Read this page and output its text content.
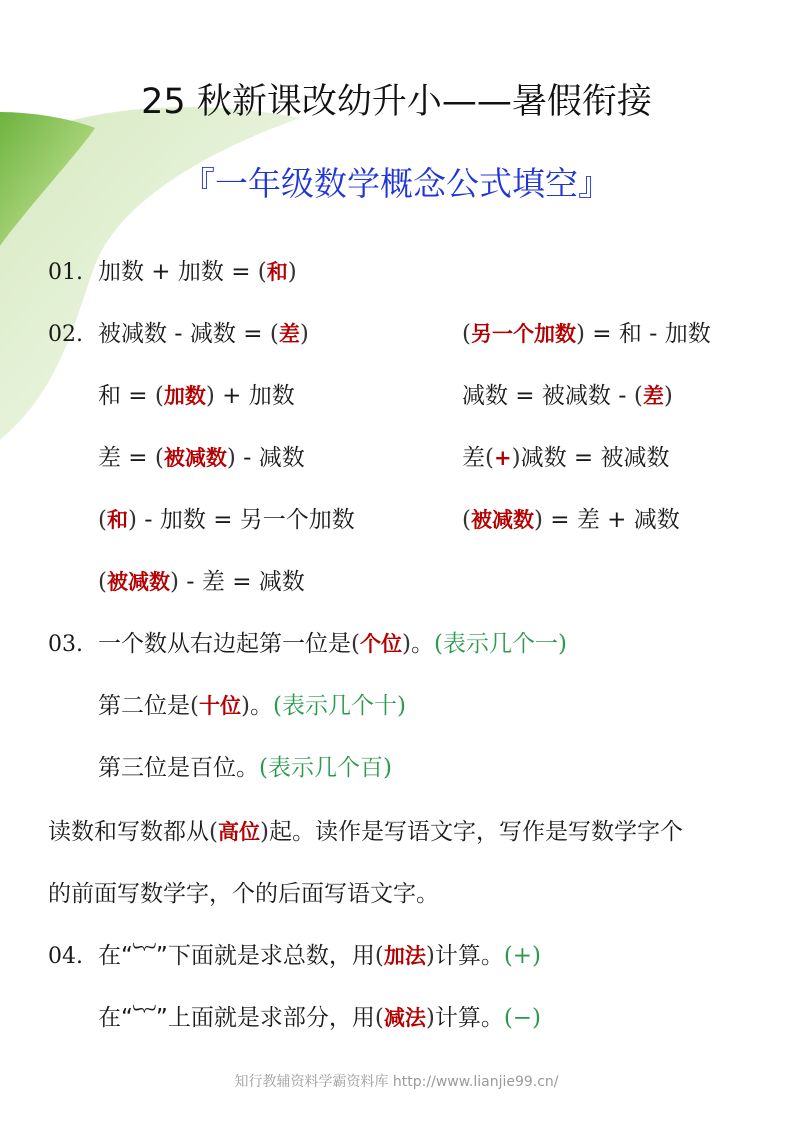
25 秋新课改幼升小——暑假衔接
『一年级数学概念公式填空』
01. 加数 + 加数 = (和)
02. 被减数 - 减数 = (差)	(另一个加数) = 和 - 加数
和 = (加数) + 加数	减数 = 被减数 - (差)
差 = (被减数) - 减数	差(+)减数 = 被减数
(和) - 加数 = 另一个加数	(被减数) = 差 + 减数
(被减数) - 差 = 减数
03. 一个数从右边起第一位是(个位)。(表示几个一)
第二位是(十位)。(表示几个十)
第三位是百位。(表示几个百)
读数和写数都从(高位)起。读作是写语文字，写作是写数学字个
的前面写数学字，个的后面写语文字。
04. 在“︸”下面就是求总数，用(加法)计算。(+)
在“︸”上面就是求部分，用(减法)计算。(−)
知行教辅资料学霸资料库 http://www.lianjie99.cn/
